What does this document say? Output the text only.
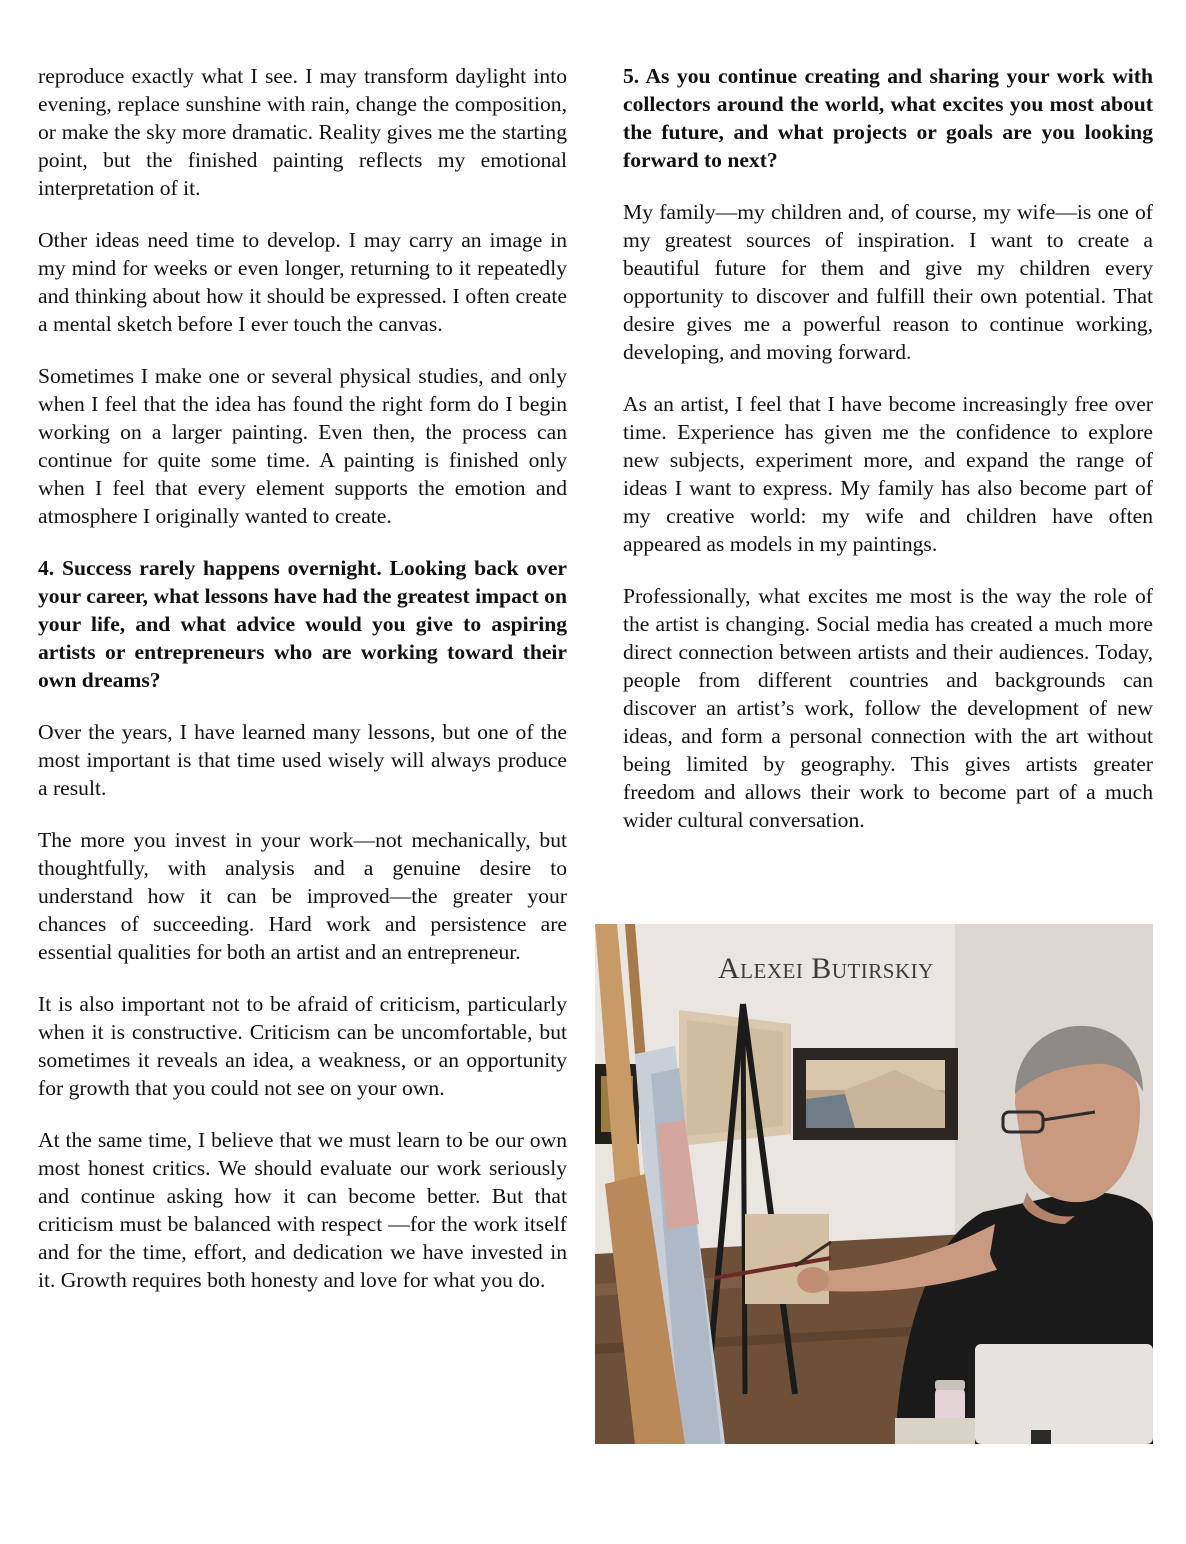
reproduce exactly what I see. I may transform daylight into evening, replace sunshine with rain, change the composition, or make the sky more dramatic. Reality gives me the starting point, but the finished painting reflects my emotional interpretation of it.

Other ideas need time to develop. I may carry an image in my mind for weeks or even longer, returning to it repeatedly and thinking about how it should be expressed. I often create a mental sketch before I ever touch the canvas.

Sometimes I make one or several physical studies, and only when I feel that the idea has found the right form do I begin working on a larger painting. Even then, the process can continue for quite some time. A painting is finished only when I feel that every element supports the emotion and atmosphere I originally wanted to create.

4. Success rarely happens overnight. Looking back over your career, what lessons have had the greatest impact on your life, and what advice would you give to aspiring artists or entrepreneurs who are working toward their own dreams?

Over the years, I have learned many lessons, but one of the most important is that time used wisely will always produce a result.

The more you invest in your work—not mechanically, but thoughtfully, with analysis and a genuine desire to understand how it can be improved—the greater your chances of succeeding. Hard work and persistence are essential qualities for both an artist and an entrepreneur.

It is also important not to be afraid of criticism, particularly when it is constructive. Criticism can be uncomfortable, but sometimes it reveals an idea, a weakness, or an opportunity for growth that you could not see on your own.

At the same time, I believe that we must learn to be our own most honest critics. We should evaluate our work seriously and continue asking how it can become better. But that criticism must be balanced with respect —for the work itself and for the time, effort, and dedication we have invested in it. Growth requires both honesty and love for what you do.

5. As you continue creating and sharing your work with collectors around the world, what excites you most about the future, and what projects or goals are you looking forward to next?

My family—my children and, of course, my wife—is one of my greatest sources of inspiration. I want to create a beautiful future for them and give my children every opportunity to discover and fulfill their own potential. That desire gives me a powerful reason to continue working, developing, and moving forward.

As an artist, I feel that I have become increasingly free over time. Experience has given me the confidence to explore new subjects, experiment more, and expand the range of ideas I want to express. My family has also become part of my creative world: my wife and children have often appeared as models in my paintings.

Professionally, what excites me most is the way the role of the artist is changing. Social media has created a much more direct connection between artists and their audiences. Today, people from different countries and backgrounds can discover an artist’s work, follow the development of new ideas, and form a personal connection with the art without being limited by geography. This gives artists greater freedom and allows their work to become part of a much wider cultural conversation.

Alexei Butirskiy
